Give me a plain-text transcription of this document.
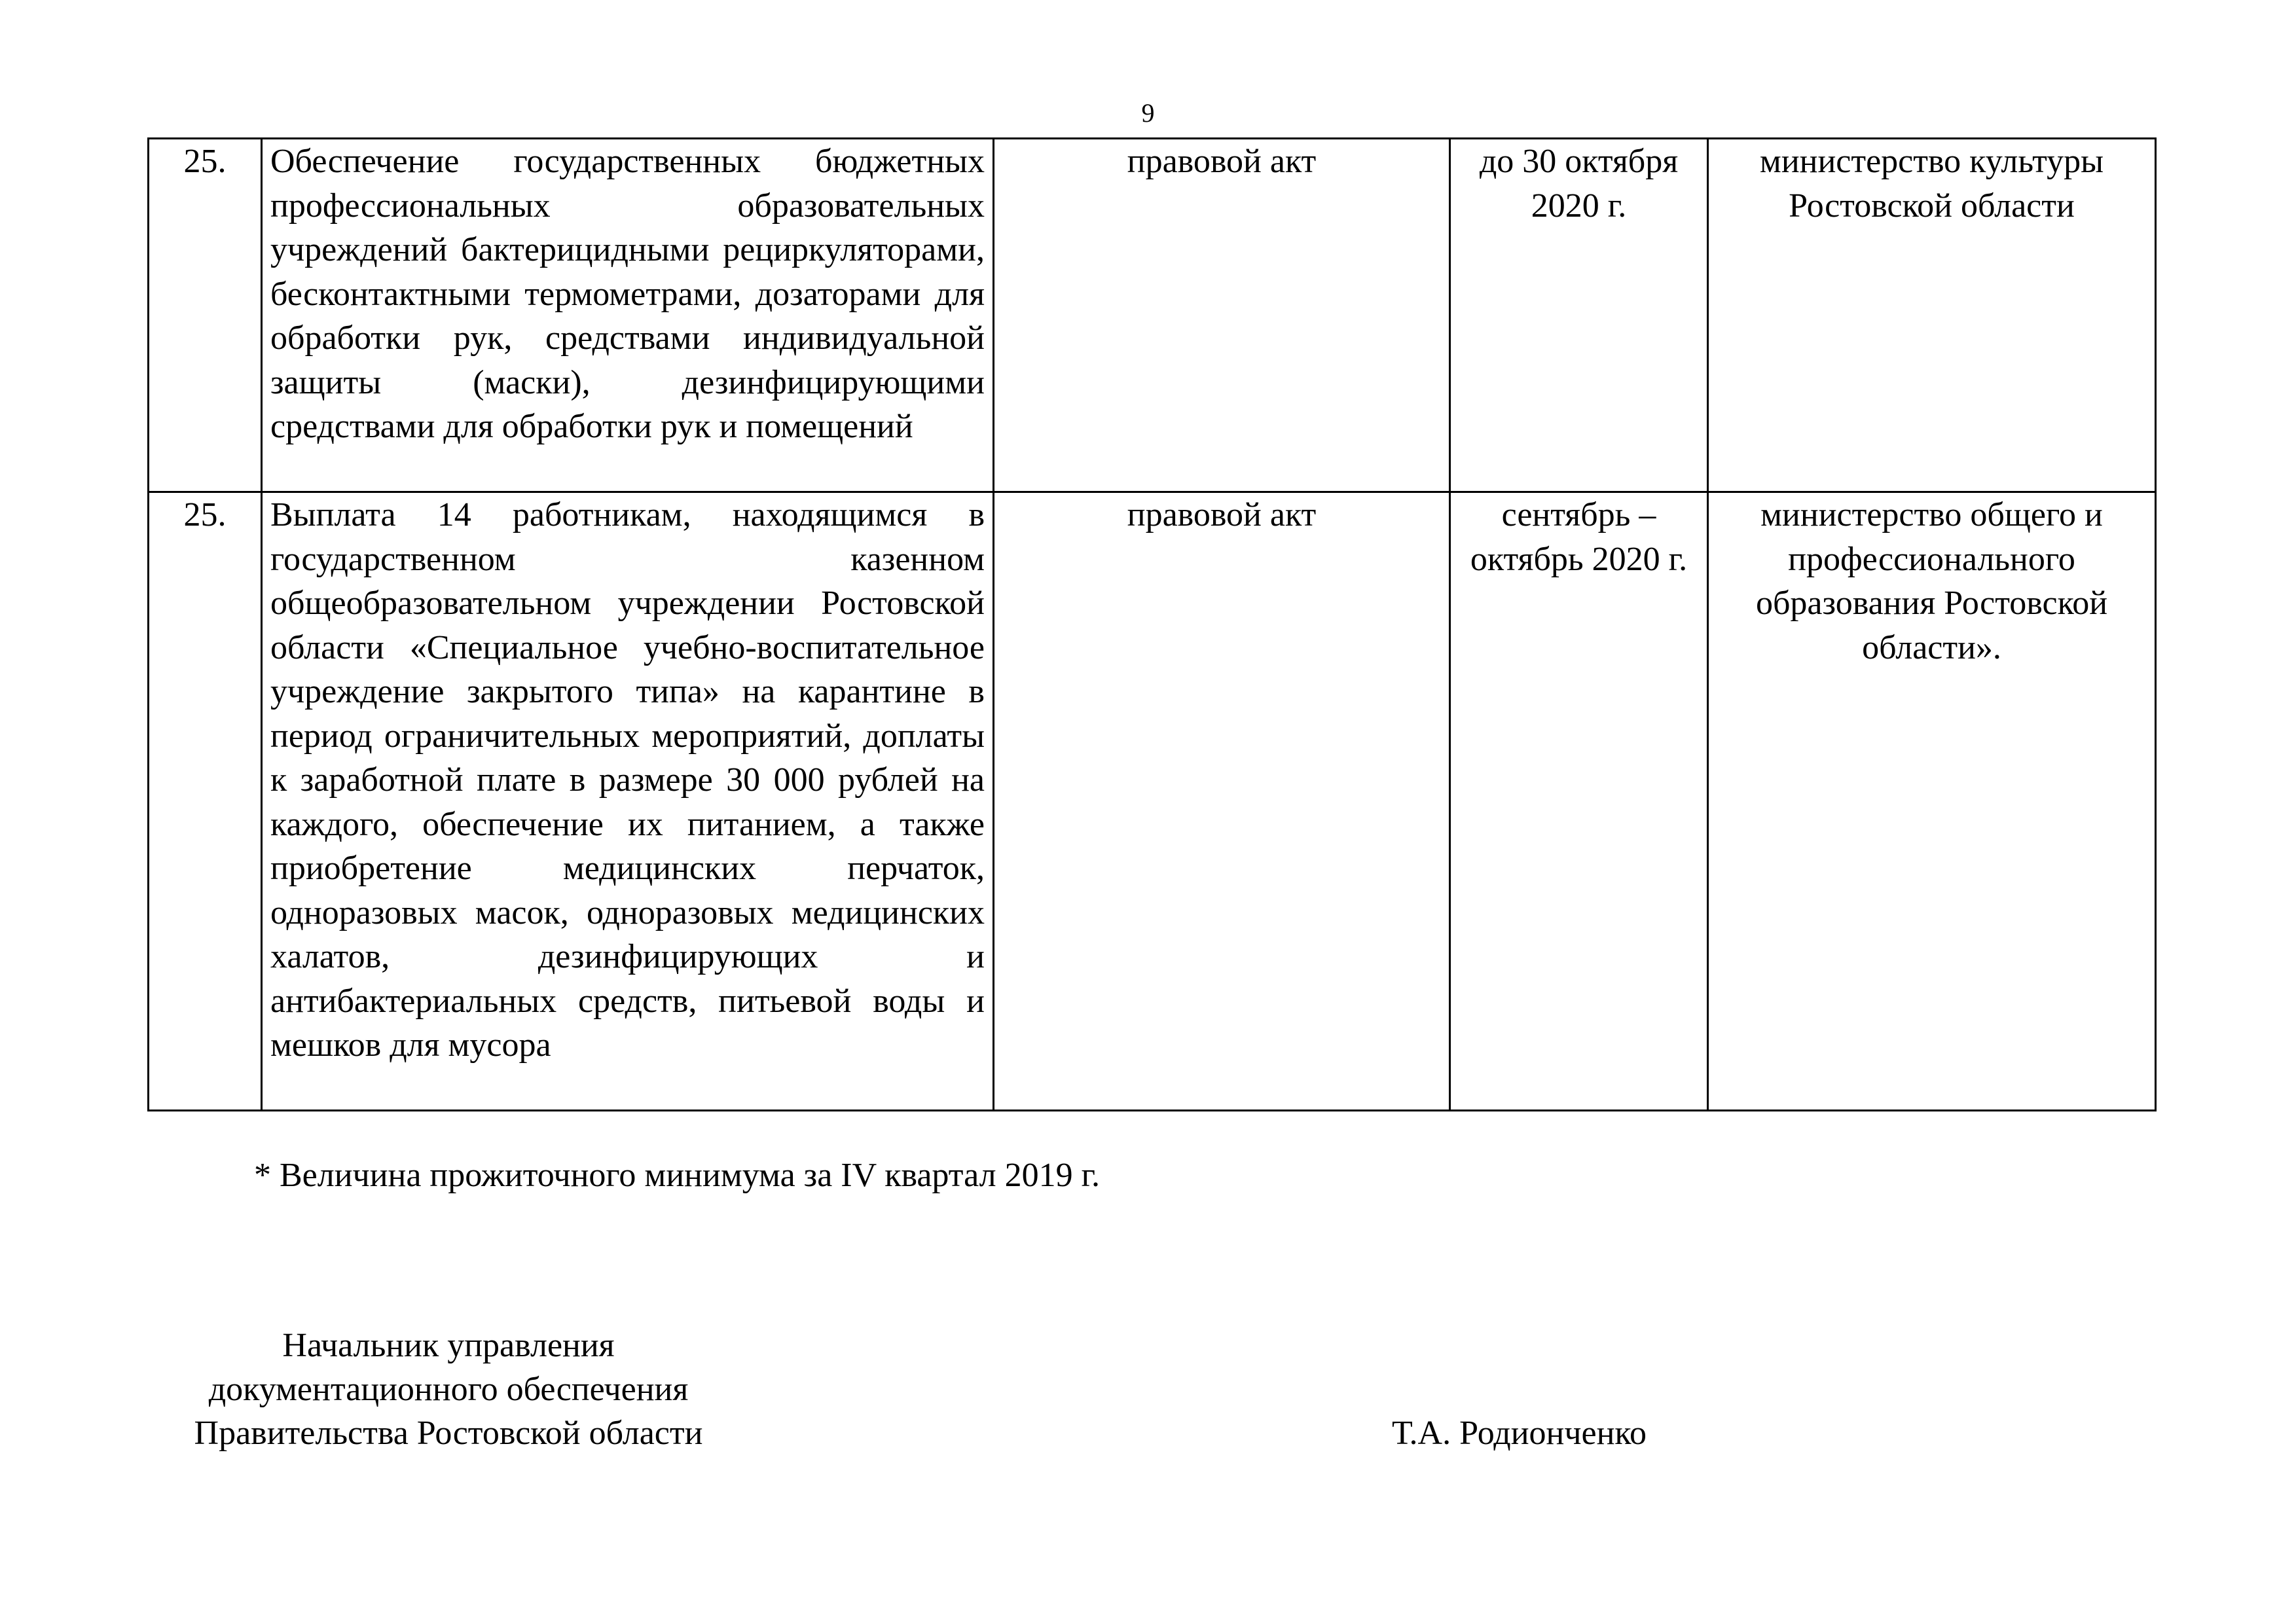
9
25.	Обеспечение государственных бюджетных профессиональных образовательных учреждений бактерицидными рециркуляторами, бесконтактными термометрами, дозаторами для обработки рук, средствами индивидуальной защиты (маски), дезинфицирующими средствами для обработки рук и помещений	правовой акт	до 30 октября 2020 г.	министерство культуры Ростовской области
25.	Выплата 14 работникам, находящимся в государственном казенном общеобразовательном учреждении Ростовской области «Специальное учебно-воспитательное учреждение закрытого типа» на карантине в период ограничительных мероприятий, доплаты к заработной плате в размере 30 000 рублей на каждого, обеспечение их питанием, а также приобретение медицинских перчаток, одноразовых масок, одноразовых медицинских халатов, дезинфицирующих и антибактериальных средств, питьевой воды и мешков для мусора	правовой акт	сентябрь – октябрь 2020 г.	министерство общего и профессионального образования Ростовской области».
* Величина прожиточного минимума за IV квартал 2019 г.
Начальник управления
документационного обеспечения
Правительства Ростовской области	Т.А. Родионченко
